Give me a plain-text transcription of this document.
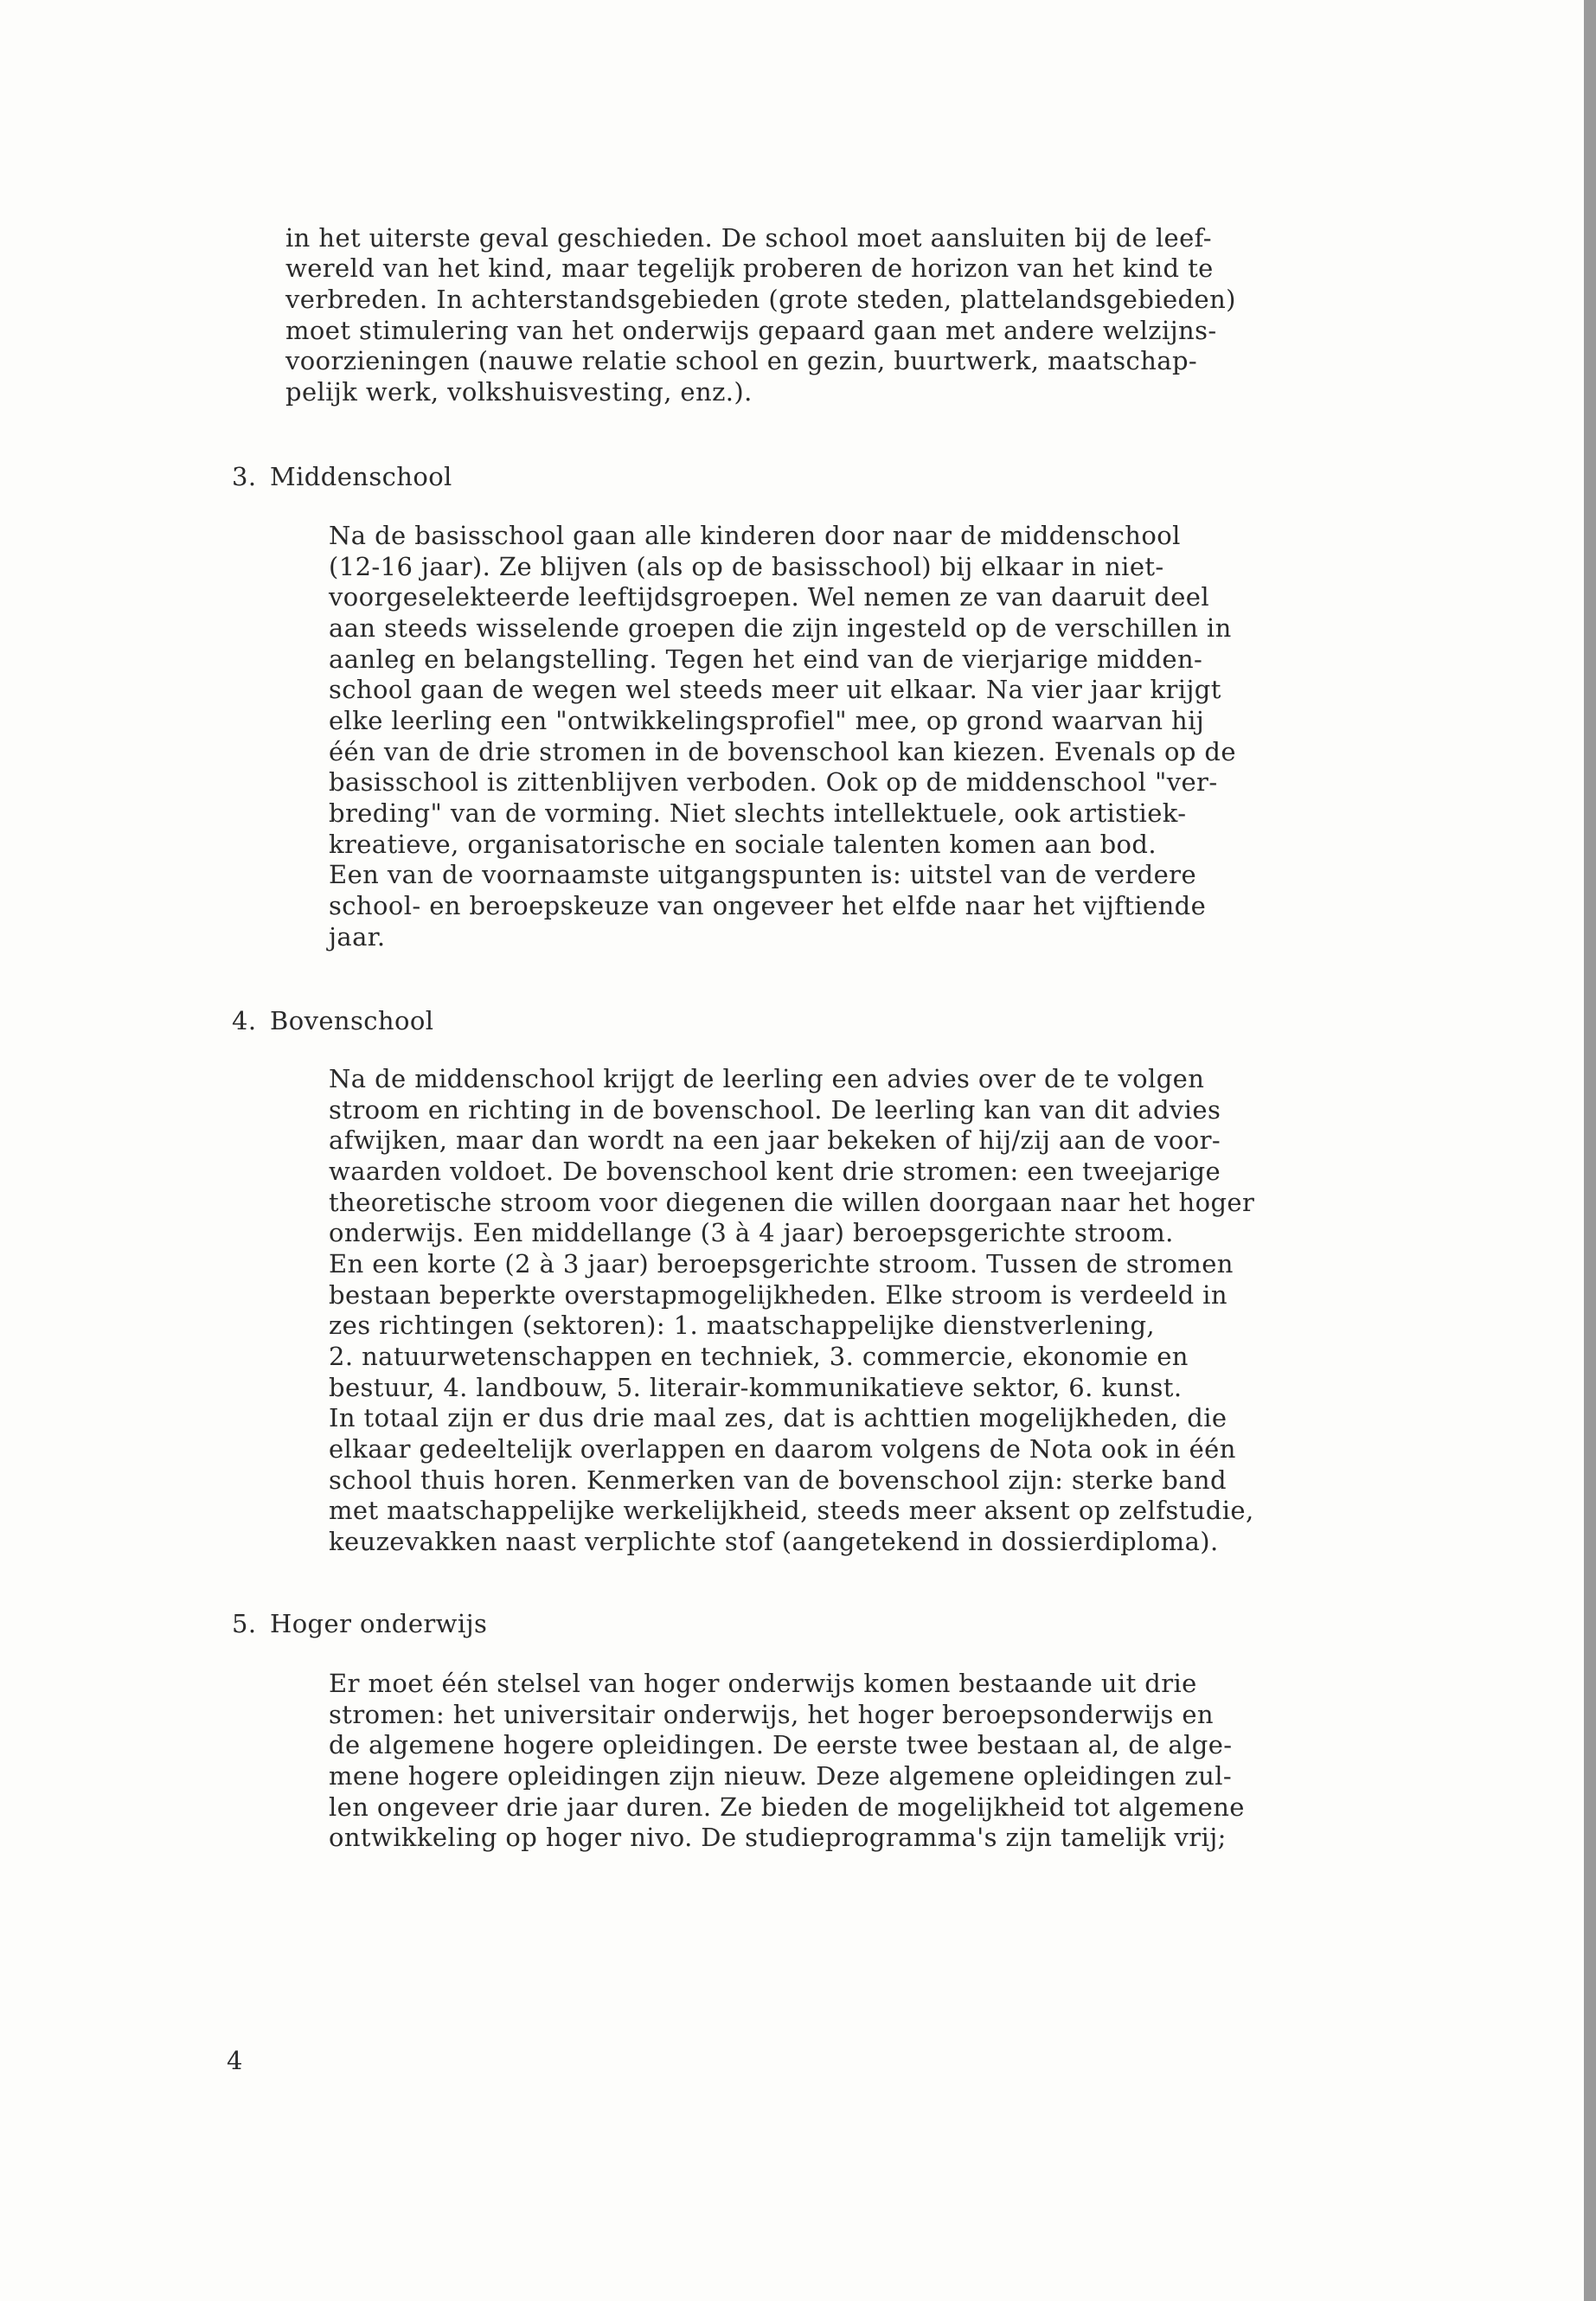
in het uiterste geval geschieden. De school moet aansluiten bij de leef-
wereld van het kind, maar tegelijk proberen de horizon van het kind te
verbreden. In achterstandsgebieden (grote steden, plattelandsgebieden)
moet stimulering van het onderwijs gepaard gaan met andere welzijns-
voorzieningen (nauwe relatie school en gezin, buurtwerk, maatschap-
pelijk werk, volkshuisvesting, enz.).
3. Middenschool
Na de basisschool gaan alle kinderen door naar de middenschool
(12-16 jaar). Ze blijven (als op de basisschool) bij elkaar in niet-
voorgeselekteerde leeftijdsgroepen. Wel nemen ze van daaruit deel
aan steeds wisselende groepen die zijn ingesteld op de verschillen in
aanleg en belangstelling. Tegen het eind van de vierjarige midden-
school gaan de wegen wel steeds meer uit elkaar. Na vier jaar krijgt
elke leerling een "ontwikkelingsprofiel" mee, op grond waarvan hij
één van de drie stromen in de bovenschool kan kiezen. Evenals op de
basisschool is zittenblijven verboden. Ook op de middenschool "ver-
breding" van de vorming. Niet slechts intellektuele, ook artistiek-
kreatieve, organisatorische en sociale talenten komen aan bod.
Een van de voornaamste uitgangspunten is: uitstel van de verdere
school- en beroepskeuze van ongeveer het elfde naar het vijftiende
jaar.
4. Bovenschool
Na de middenschool krijgt de leerling een advies over de te volgen
stroom en richting in de bovenschool. De leerling kan van dit advies
afwijken, maar dan wordt na een jaar bekeken of hij/zij aan de voor-
waarden voldoet. De bovenschool kent drie stromen: een tweejarige
theoretische stroom voor diegenen die willen doorgaan naar het hoger
onderwijs. Een middellange (3 à 4 jaar) beroepsgerichte stroom.
En een korte (2 à 3 jaar) beroepsgerichte stroom. Tussen de stromen
bestaan beperkte overstapmogelijkheden. Elke stroom is verdeeld in
zes richtingen (sektoren): 1. maatschappelijke dienstverlening,
2. natuurwetenschappen en techniek, 3. commercie, ekonomie en
bestuur, 4. landbouw, 5. literair-kommunikatieve sektor, 6. kunst.
In totaal zijn er dus drie maal zes, dat is achttien mogelijkheden, die
elkaar gedeeltelijk overlappen en daarom volgens de Nota ook in één
school thuis horen. Kenmerken van de bovenschool zijn: sterke band
met maatschappelijke werkelijkheid, steeds meer aksent op zelfstudie,
keuzevakken naast verplichte stof (aangetekend in dossierdiploma).
5. Hoger onderwijs
Er moet één stelsel van hoger onderwijs komen bestaande uit drie
stromen: het universitair onderwijs, het hoger beroepsonderwijs en
de algemene hogere opleidingen. De eerste twee bestaan al, de alge-
mene hogere opleidingen zijn nieuw. Deze algemene opleidingen zul-
len ongeveer drie jaar duren. Ze bieden de mogelijkheid tot algemene
ontwikkeling op hoger nivo. De studieprogramma's zijn tamelijk vrij;
4
